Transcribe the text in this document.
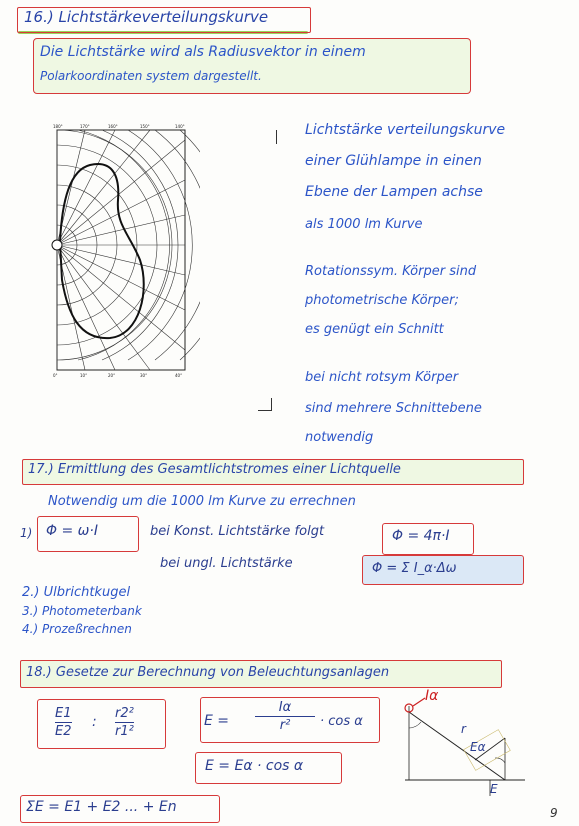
16.) Lichtstärkeverteilungskurve
Die Lichtstärke wird als Radiusvektor in einem
Polarkoordinaten system dargestellt.
180°	170°	160°	150°	140°
0°	10°	20°	30°	40°
Lichtstärke verteilungskurve
einer Glühlampe in einen
Ebene der Lampen achse
als 1000 lm Kurve
Rotationssym. Körper sind
photometrische Körper;
es genügt ein Schnitt
bei nicht rotsym Körper
sind mehrere Schnittebene
notwendig
17.) Ermittlung des Gesamtlichtstromes einer Lichtquelle
Notwendig um die 1000 lm Kurve zu errechnen
1) Φ = ω·I	bei Konst. Lichtstärke folgt	Φ = 4π·I
bei ungl. Lichtstärke	Φ = Σ I_α·Δω
2.) Ulbrichtkugel
3.) Photometerbank
4.) Prozeßrechnen
18.) Gesetze zur Berechnung von Beleuchtungsanlagen
E1
E2
:
r2²
r1²
E =
Iα
r² · cos α
E = Eα · cos α
ΣE = E1 + E2 ... + En
Iα
r
Eα
E
9
